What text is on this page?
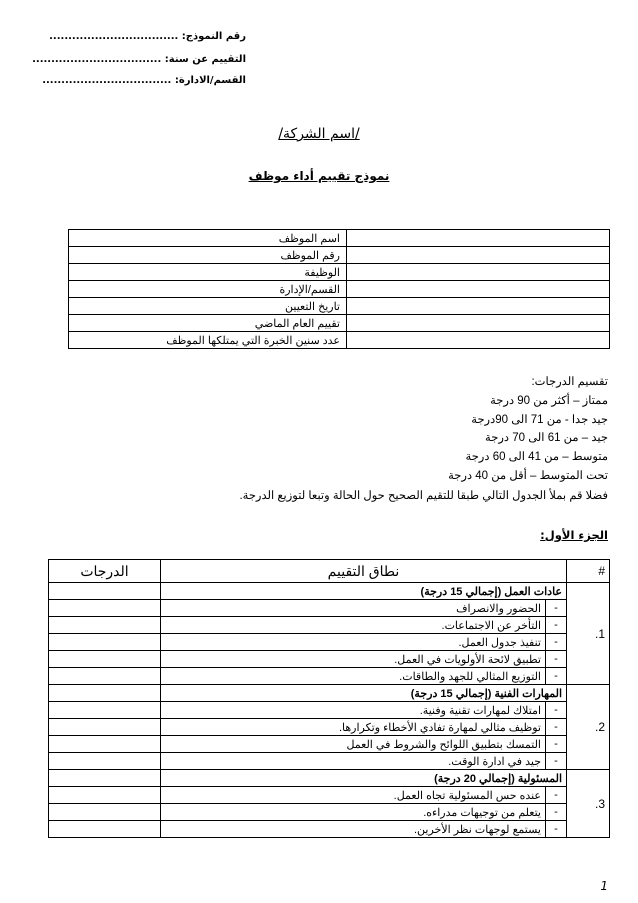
رقم النموذج: ..................................
التقييم عن سنة: ..................................
القسم/الادارة: ..................................
/اسم الشركة/
نموذج تقييم أداء موظف
اسم الموظف	
رقم الموظف	
الوظيفة	
القسم/الإدارة	
تاريخ التعيين	
تقييم العام الماضي	
عدد سنين الخبرة التي يمتلكها الموظف	
تقسيم الدرجات:
ممتاز – أكثر من 90 درجة
جيد جدا - من 71 الى 90درجة
جيد – من 61 الى 70 درجة
متوسط – من 41 الى 60 درجة
تحت المتوسط – أقل من 40 درجة
فضلا قم بملأ الجدول التالي طبقا للتقيم الصحيح حول الحالة وتبعا لتوزيع الدرجة.
الجزء الأول:
#	نطاق التقييم		الدرجات
1.	عادات العمل (إجمالي 15 درجة)		
	-	الحضور والانصراف	
	-	التأخر عن الاجتماعات.	
	-	تنفيذ جدول العمل.	
	-	تطبيق لائحة الأولويات في العمل.	
	-	التوزيع المثالي للجهد والطاقات.	
2.	المهارات الفنية (إجمالي 15 درجة)		
	-	امتلاك لمهارات تقنية وفنية.	
	-	توظيف مثالي لمهارة تفادي الأخطاء وتكرارها.	
	-	التمسك بتطبيق اللوائح والشروط في العمل	
	-	جيد في ادارة الوقت.	
3.	المسئولية (إجمالي 20 درجة)		
	-	عنده حس المسئولية تجاه العمل.	
	-	يتعلم من توجيهات مدراءه.	
	-	يستمع لوجهات نظر الأخرين.	
1
